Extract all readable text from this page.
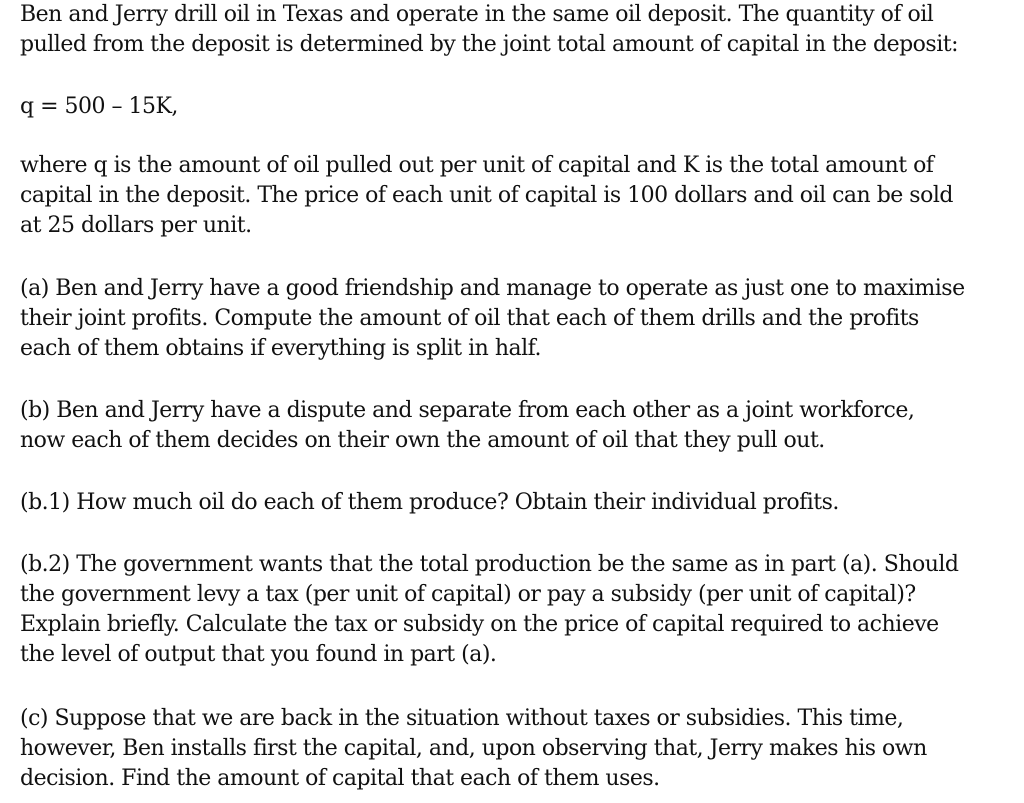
Ben and Jerry drill oil in Texas and operate in the same oil deposit. The quantity of oil
pulled from the deposit is determined by the joint total amount of capital in the deposit:
q = 500 – 15K,
where q is the amount of oil pulled out per unit of capital and K is the total amount of
capital in the deposit. The price of each unit of capital is 100 dollars and oil can be sold
at 25 dollars per unit.
(a) Ben and Jerry have a good friendship and manage to operate as just one to maximise
their joint profits. Compute the amount of oil that each of them drills and the profits
each of them obtains if everything is split in half.
(b) Ben and Jerry have a dispute and separate from each other as a joint workforce,
now each of them decides on their own the amount of oil that they pull out.
(b.1) How much oil do each of them produce? Obtain their individual profits.
(b.2) The government wants that the total production be the same as in part (a). Should
the government levy a tax (per unit of capital) or pay a subsidy (per unit of capital)?
Explain briefly. Calculate the tax or subsidy on the price of capital required to achieve
the level of output that you found in part (a).
(c) Suppose that we are back in the situation without taxes or subsidies. This time,
however, Ben installs first the capital, and, upon observing that, Jerry makes his own
decision. Find the amount of capital that each of them uses.
